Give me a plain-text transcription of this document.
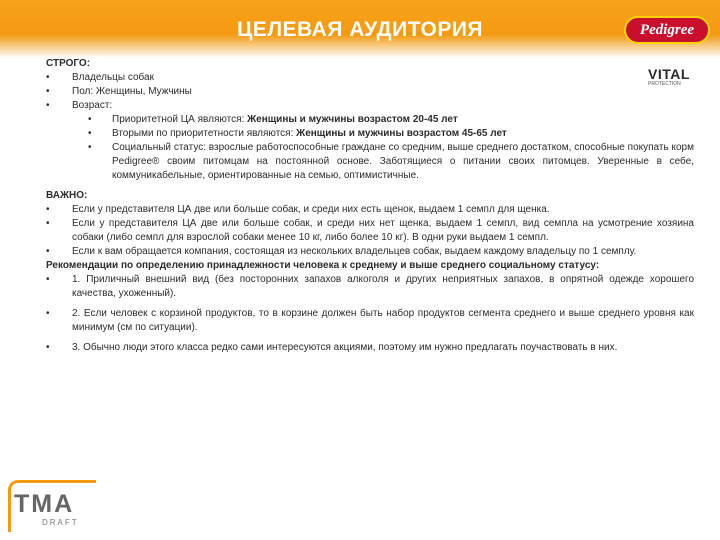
ЦЕЛЕВАЯ АУДИТОРИЯ	Pedigree
VITAL
PROTECTION

СТРОГО:

• Владельцы собак

• Пол: Женщины, Мужчины

• Возраст:

• Приоритетной ЦА являются: Женщины и мужчины возрастом 20-45 лет

• Вторыми по приоритетности являются: Женщины и мужчины возрастом 45-65 лет

• Социальный статус: взрослые работоспособные граждане со средним, выше среднего достатком, способные покупать корм Pedigree® своим питомцам на постоянной основе. Заботящиеся о питании своих питомцев. Уверенные в себе, коммуникабельные, ориентированные на семью, оптимистичные.

ВАЖНО:

• Если у представителя ЦА две или больше собак, и среди них есть щенок, выдаем 1 семпл для щенка.

• Если у представителя ЦА две или больше собак, и среди них нет щенка, выдаем 1 семпл, вид семпла на усмотрение хозяина собаки (либо семпл для взрослой собаки менее 10 кг, либо более 10 кг). В одни руки выдаем 1 семпл.

• Если к вам обращается компания, состоящая из нескольких владельцев собак, выдаем каждому владельцу по 1 семплу.

Рекомендации по определению принадлежности человека к среднему и выше среднего социальному статусу:

• 1. Приличный внешний вид (без посторонних запахов алкоголя и других неприятных запахов, в опрятной одежде хорошего качества, ухоженный).

• 2. Если человек с корзиной продуктов, то в корзине должен быть набор продуктов сегмента среднего и выше среднего уровня как минимум (см по ситуации).

• 3. Обычно люди этого класса редко сами интересуются акциями, поэтому им нужно предлагать поучаствовать в них.

TMA
DRAFT
